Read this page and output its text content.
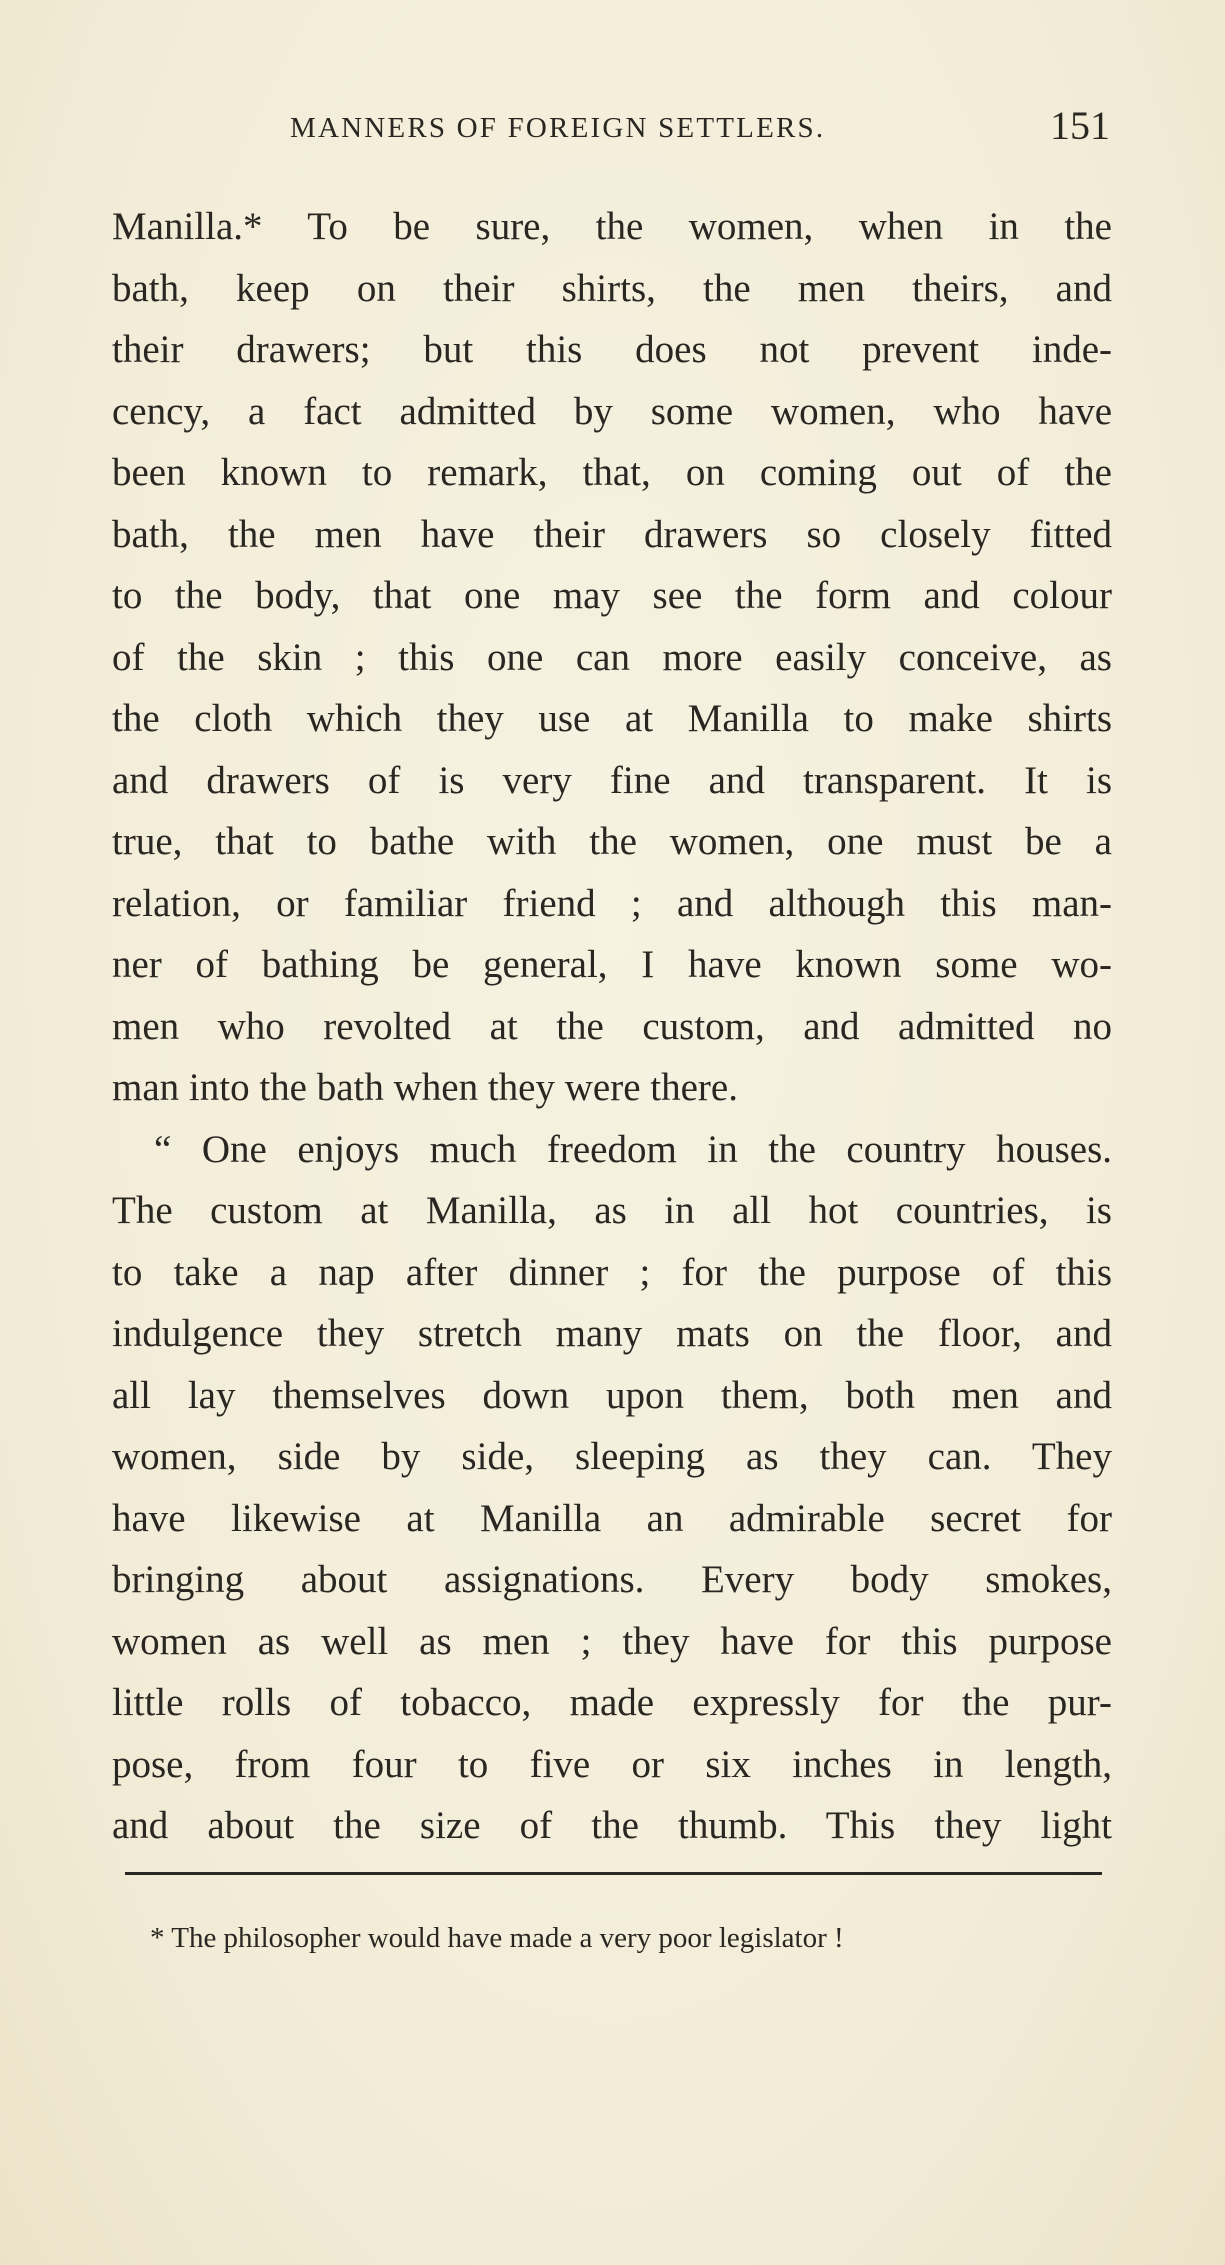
MANNERS OF FOREIGN SETTLERS.	151
Manilla.* To be sure, the women, when in the
bath, keep on their shirts, the men theirs, and
their drawers; but this does not prevent inde-
cency, a fact admitted by some women, who have
been known to remark, that, on coming out of the
bath, the men have their drawers so closely fitted
to the body, that one may see the form and colour
of the skin ; this one can more easily conceive, as
the cloth which they use at Manilla to make shirts
and drawers of is very fine and transparent. It is
true, that to bathe with the women, one must be a
relation, or familiar friend ; and although this man-
ner of bathing be general, I have known some wo-
men who revolted at the custom, and admitted no
man into the bath when they were there.
“ One enjoys much freedom in the country houses.
The custom at Manilla, as in all hot countries, is
to take a nap after dinner ; for the purpose of this
indulgence they stretch many mats on the floor, and
all lay themselves down upon them, both men and
women, side by side, sleeping as they can. They
have likewise at Manilla an admirable secret for
bringing about assignations. Every body smokes,
women as well as men ; they have for this purpose
little rolls of tobacco, made expressly for the pur-
pose, from four to five or six inches in length,
and about the size of the thumb. This they light
* The philosopher would have made a very poor legislator !
